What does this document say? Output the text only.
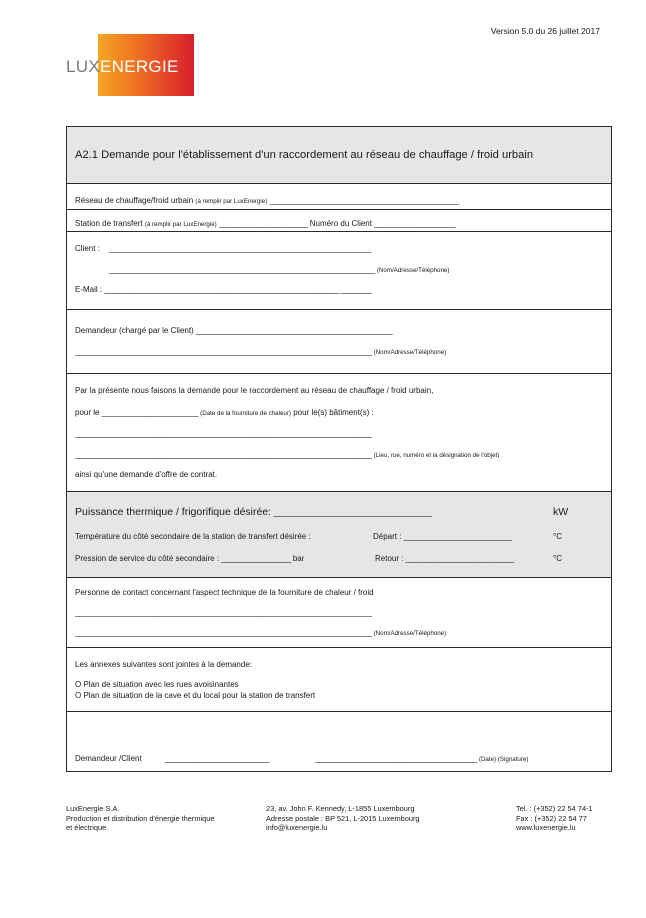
Version 5.0 du 26 juillet 2017
LUXENERGIE
A2.1 Demande pour l'établissement d'un raccordement au réseau de chauffage / froid urbain
Réseau de chauffage/froid urbain (à remplir par LuxEnergie) _________________________________________________
Station de transfert (à remplir par LuxEnergie) _______________________ Numéro du Client _____________________
Client : ____________________________________________________________________
_____________________________________________________________________ (Nom/Adresse/Téléphone)
E-Mail : _____________________________________________________________ ________
Demandeur (chargé par le Client) ___________________________________________________
_____________________________________________________________________________ (Nom/Adresse/Téléphone)
Par la présente nous faisons la demande pour le raccordement au réseau de chauffage / froid urbain,
pour le _________________________ (Date de la fourniture de chaleur) pour le(s) bâtiment(s) :
_____________________________________________________________________________
_____________________________________________________________________________ (Lieu, rue, numéro et la désignation de l'objet)
ainsi qu'une demande d'offre de contrat.
Puissance thermique / frigorifique désirée: _________________________________________	kW
Température du côté secondaire de la station de transfert désirée :	Départ : ____________________________	°C
Pression de service du côté secondaire : __________________ bar	Retour : ____________________________	°C
Personne de contact concernant l'aspect technique de la fourniture de chaleur / froid
_____________________________________________________________________________
_____________________________________________________________________________ (Nom/Adresse/Téléphone)
Les annexes suivantes sont jointes à la demande:
O Plan de situation avec les rues avoisinantes
O Plan de situation de la cave et du local pour la station de transfert
Demandeur /Client	___________________________	__________________________________________ (Date) (Signature)
LuxEnergie S.A.
Production et distribution d'énergie thermique
et électrique
23, av. John F. Kennedy, L-1855 Luxembourg
Adresse postale : BP 521, L-2015 Luxembourg
info@luxenergie.lu
Tel. : (+352) 22 54 74-1
Fax : (+352) 22 54 77
www.luxenergie.lu
